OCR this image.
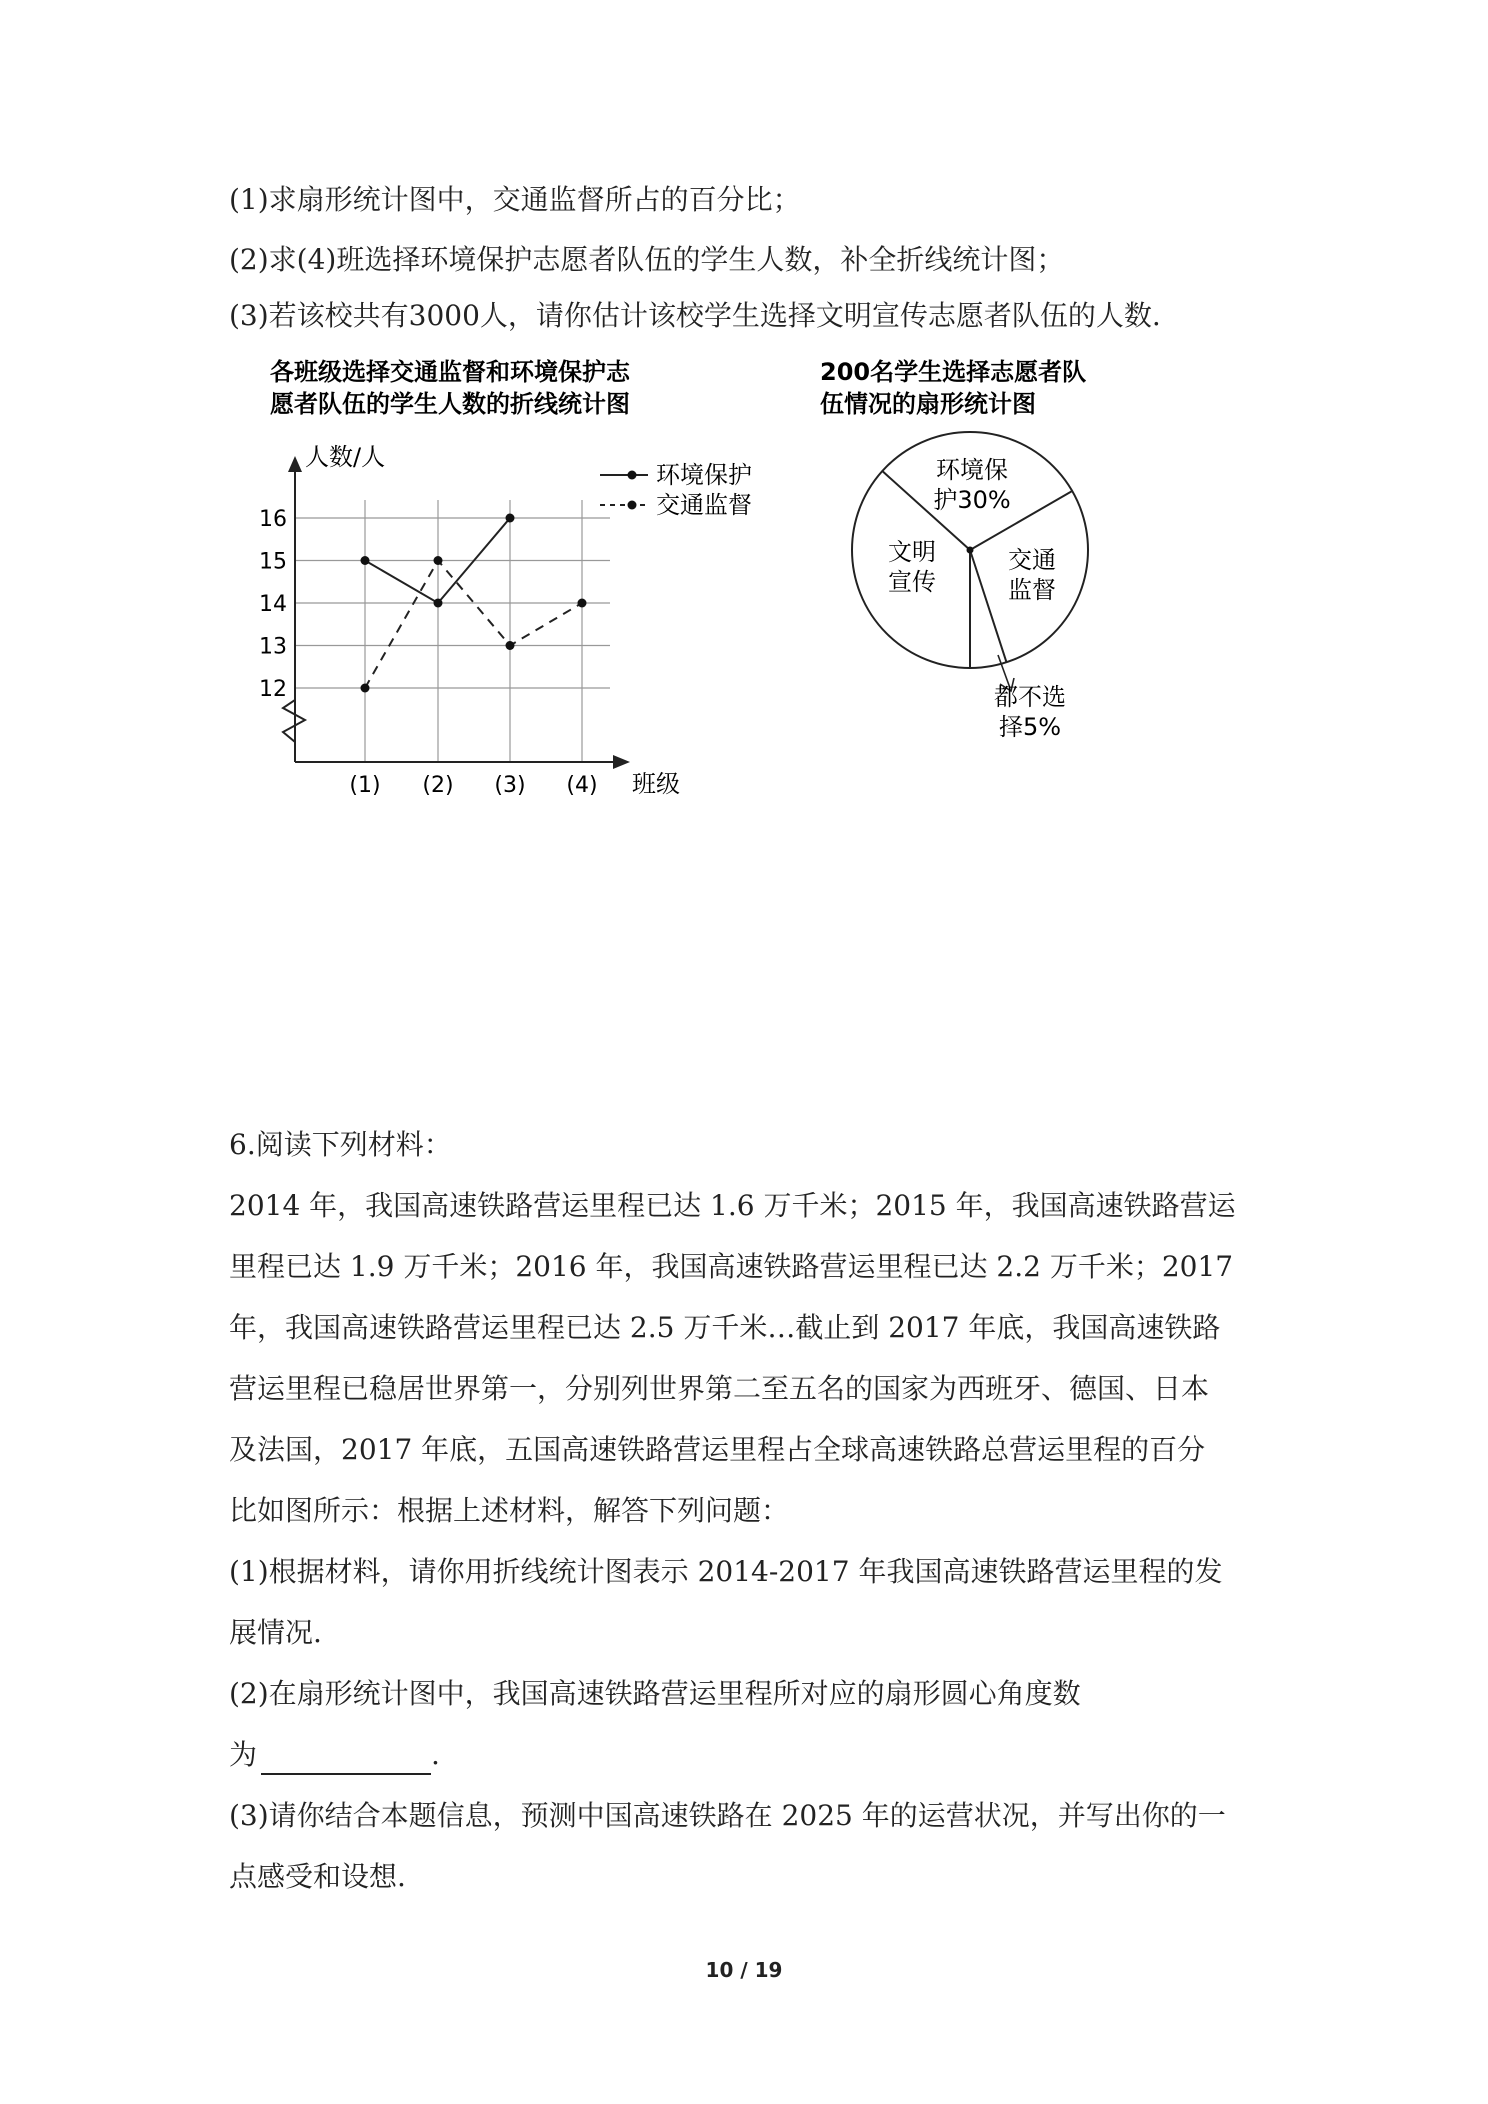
(1)求扇形统计图中，交通监督所占的百分比；
(2)求(4)班选择环境保护志愿者队伍的学生人数，补全折线统计图；
(3)若该校共有3000人，请你估计该校学生选择文明宣传志愿者队伍的人数.
各班级选择交通监督和环境保护志
愿者队伍的学生人数的折线统计图
人数/人
12
13
14
15
16
(1) (2) (3) (4) 班级
环境保护
交通监督
200名学生选择志愿者队
伍情况的扇形统计图
环境保
护30%
交通
监督
都不选
择5%
文明
宣传
6.阅读下列材料：
2014 年，我国高速铁路营运里程已达 1.6 万千米；2015 年，我国高速铁路营运
里程已达 1.9 万千米；2016 年，我国高速铁路营运里程已达 2.2 万千米；2017
年，我国高速铁路营运里程已达 2.5 万千米…截止到 2017 年底，我国高速铁路
营运里程已稳居世界第一，分别列世界第二至五名的国家为西班牙、德国、日本
及法国，2017 年底，五国高速铁路营运里程占全球高速铁路总营运里程的百分
比如图所示：根据上述材料，解答下列问题：
(1)根据材料，请你用折线统计图表示 2014-2017 年我国高速铁路营运里程的发
展情况.
(2)在扇形统计图中，我国高速铁路营运里程所对应的扇形圆心角度数
为	.
(3)请你结合本题信息，预测中国高速铁路在 2025 年的运营状况，并写出你的一
点感受和设想.
10 / 19
